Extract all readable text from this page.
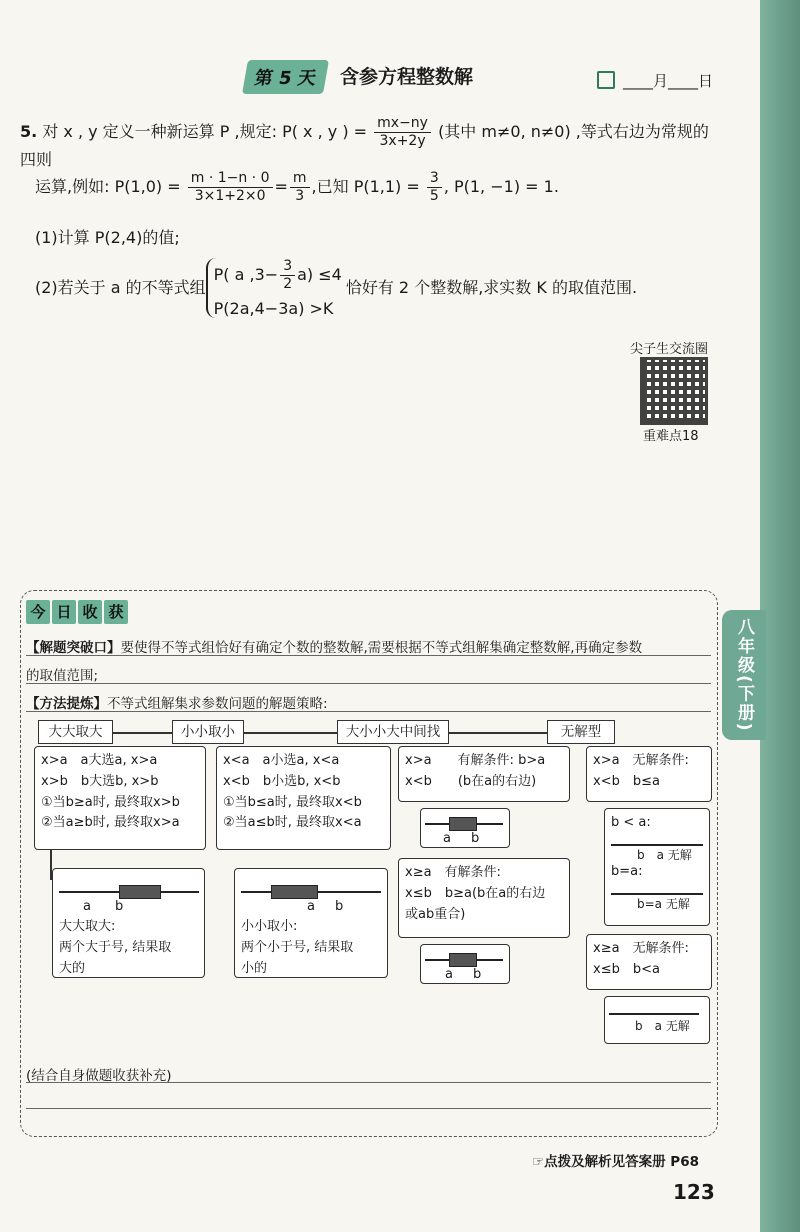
八年级(下册)
第 5 天	含参方程整数解	____月____日
5. 对 x , y 定义一种新运算 P ,规定: P( x , y ) = $\frac{mx-ny}{3x+2y}$ (其中 m≠0, n≠0) ,等式右边为常规的四则
运算,例如: $P(1,0) = \frac{m \cdot 1-n \cdot 0}{3\times 1+2\times 0} = \frac{m}{3}$ ,已知 $P(1,1) = \frac{3}{5}$ , P(1, −1) = 1.
(1)计算 P(2,4)的值;
(2)若关于 a 的不等式组
P( a $,3- \frac{3}{2} a) \le 4$
P(2a,4−3a) >K
恰好有 2 个整数解,求实数 K 的取值范围.
尖子生交流圈
重难点18
今 日 收 获
【解题突破口】要使得不等式组恰好有确定个数的整数解,需要根据不等式组解集确定整数解,再确定参数
的取值范围;
【方法提炼】不等式组解集求参数问题的解题策略:
大大取大	小小取小	大小小大中间找	无解型
x>a　a大选a, x>a
x>b　b大选b, x>b
①当b≥a时, 最终取x>b
②当a≥b时, 最终取x>a
a b
大大取大:
两个大于号, 结果取
大的
x<a　a小选a, x<a
x<b　b小选b, x<b
①当b≤a时, 最终取x<b
②当a≤b时, 最终取x<a
a b
小小取小:
两个小于号, 结果取
小的
x>a　　有解条件: b>a
x<b　　(b在a的右边)
a b
x≥a　有解条件:
x≤b　b≥a(b在a的右边
或ab重合)
a b
x>a　无解条件:
x<b　b≤a
b < a:
b　a 无解
b=a:
b=a 无解
x≥a　无解条件:
x≤b　b<a
b　a 无解
(结合自身做题收获补充)
☞点拨及解析见答案册 P68
123
